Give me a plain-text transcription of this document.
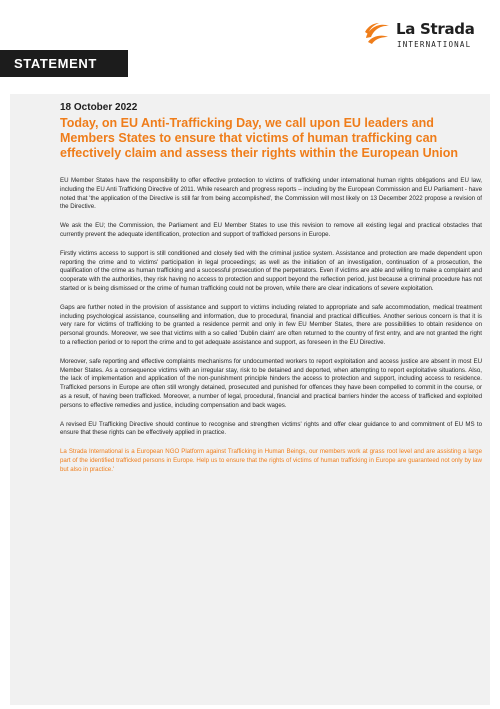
La Strada
INTERNATIONAL
STATEMENT
18 October 2022
Today, on EU Anti-Trafficking Day, we call upon EU leaders and Members States to ensure that victims of human trafficking can effectively claim and assess their rights within the European Union

EU Member States have the responsibility to offer effective protection to victims of trafficking under international human rights obligations and EU law, including the EU Anti Trafficking Directive of 2011. While research and progress reports – including by the European Commission and EU Parliament - have noted that 'the application of the Directive is still far from being accomplished', the Commission will most likely on 13 December 2022 propose a revision of the Directive.

We ask the EU; the Commission, the Parliament and EU Member States to use this revision to remove all existing legal and practical obstacles that currently prevent the adequate identification, protection and support of trafficked persons in Europe.

Firstly victims access to support is still conditioned and closely tied with the criminal justice system. Assistance and protection are made dependent upon reporting the crime and to victims' participation in legal proceedings; as well as the initiation of an investigation, continuation of a prosecution, the qualification of the crime as human trafficking and a successful prosecution of the perpetrators. Even if victims are able and willing to make a complaint and cooperate with the authorities, they risk having no access to protection and support beyond the reflection period, just because a criminal procedure has not started or is being dismissed or the crime of human trafficking could not be proven, while there are clear indications of severe exploitation.

Gaps are further noted in the provision of assistance and support to victims including related to appropriate and safe accommodation, medical treatment including psychological assistance, counselling and information, due to procedural, financial and practical difficulties. Another serious concern is that it is very rare for victims of trafficking to be granted a residence permit and only in few EU Member States, there are possibilities to obtain residence on personal grounds. Moreover, we see that victims with a so called 'Dublin claim' are often returned to the country of first entry, and are not granted the right to a reflection period or to report the crime and to get adequate assistance and support, as foreseen in the EU Directive.

Moreover, safe reporting and effective complaints mechanisms for undocumented workers to report exploitation and access justice are absent in most EU Member States. As a consequence victims with an irregular stay, risk to be detained and deported, when attempting to report exploitative situations. Also, the lack of implementation and application of the non-punishment principle hinders the access to protection and support, including access to residence. Trafficked persons in Europe are often still wrongly detained, prosecuted and punished for offences they have been compelled to commit in the course, or as a result, of having been trafficked. Moreover, a number of legal, procedural, financial and practical barriers hinder the access of trafficked and exploited persons to effective remedies and justice, including compensation and back wages.

A revised EU Trafficking Directive should continue to recognise and strengthen victims' rights and offer clear guidance to and commitment of EU MS to ensure that these rights can be effectively applied in practice.

La Strada International is a European NGO Platform against Trafficking in Human Beings, our members work at grass root level and are assisting a large part of the identified trafficked persons in Europe. Help us to ensure that the rights of victims of human trafficking in Europe are guaranteed not only by law but also in practice.'
